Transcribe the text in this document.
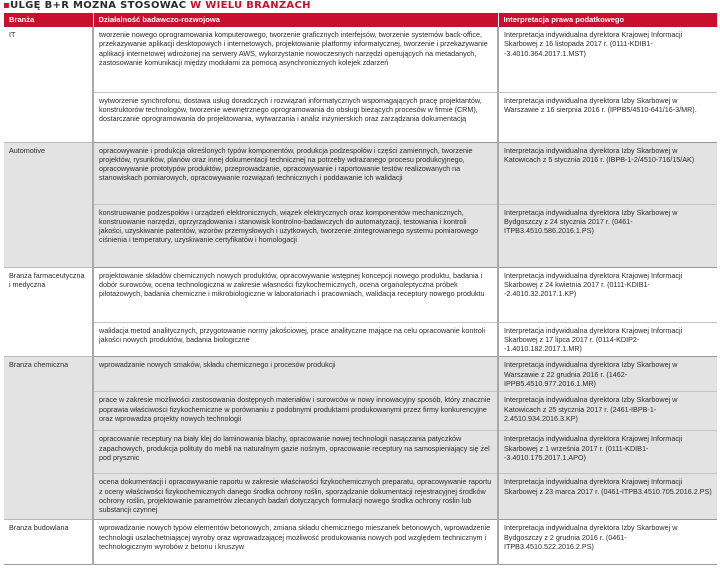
▪ULGĘ B+R MOŻNA STOSOWAĆ W WIELU BRANŻACH
Branża	Działalność badawczo-rozwojowa	Interpretacja prawa podatkowego
IT	tworzenie nowego oprogramowania komputerowego, tworzenie graficznych interfejsów, tworzenie systemów back-office, przekazywanie aplikacji desktopowych i internetowych, projektowanie platformy informatycznej, tworzenie i przekazywanie aplikacji internetowej wdrożonej na serwery AWS, wykorzystanie nowoczesnych narzędzi operujących na metadanych, zastosowanie komunikacji między modułami za pomocą asynchronicznych kolejek zdarzeń	Interpretacja indywidualna dyrektora Krajowej Informacji Skarbowej z 16 listopada 2017 r. (0111-KDIB1--3.4010.364.2017.1.MST)
	wytworzenie synchrofonu, dostawa usług doradczych i rozwiązań informatycznych wspomagających pracę projektantów, konstruktorów technologów, tworzenie wewnętrznego oprogramowania do obsługi bieżących procesów w firmie (CRM), dostarczanie oprogramowania do projektowania, wytwarzania i analiz inżynierskich oraz zarządzania dokumentacją	Interpretacja indywidualna dyrektora Izby Skarbowej w Warszawie z 16 sierpnia 2016 r. (IPPB5/4510-641/16-3/MR).
Automotive	opracowywanie i produkcja określonych typów komponentów, produkcja podzespołów i części zamiennych, tworzenie projektów, rysunków, planów oraz innej dokumentacji technicznej na potrzeby wdrażanego procesu produkcyjnego, opracowywanie prototypów produktów, przeprowadzanie, opracowywanie i raportowanie testów realizowanych na stanowiskach pomiarowych, opracowywanie rozwiązań technicznych i poddawanie ich walidacji	Interpretacja indywidualna dyrektora Izby Skarbowej w Katowicach z 5 stycznia 2016 r. (IBPB-1-2/4510-716/15/AK)
	konstruowanie podzespołów i urządzeń elektronicznych, wiązek elektrycznych oraz komponentów mechanicznych, konstruowanie narzędzi, oprzyrządowania i stanowisk kontrolno-badawczych do automatyzacji, testowania i kontroli jakości, uzyskiwanie patentów, wzorów przemysłowych i użytkowych, tworzenie zintegrowanego systemu pomiarowego ciśnienia i temperatury, uzyskiwanie certyfikatów i homologacji	Interpretacja indywidualna dyrektora Izby Skarbowej w Bydgoszczy z 24 stycznia 2017 r. (0461-ITPB3.4510.586.2016.1.PS)
Branża farmaceutyczna i medyczna	projektowanie składów chemicznych nowych produktów, opracowywanie wstępnej koncepcji nowego produktu, badania i dobór surowców, ocena technologiczna w zakresie własności fizykochemicznych, ocena organoleptyczna próbek pilotażowych, badania chemiczne i mikrobiologiczne w laboratoriach i pracowniach, walidacja receptury nowego produktu	Interpretacja indywidualna dyrektora Krajowej Informacji Skarbowej z 24 kwietnia 2017 r. (0111-KDIB1--2.4010.32.2017.1.KP)
	walidacja metod analitycznych, przygotowanie normy jakościowej, prace analityczne mające na celu opracowanie kontroli jakości nowych produktów, badania biologiczne	Interpretacja indywidualna dyrektora Krajowej Informacji Skarbowej z 17 lipca 2017 r. (0114-KDIP2--1.4010.182.2017.1.MR)
Branża chemiczna	wprowadzanie nowych smaków, składu chemicznego i procesów produkcji	Interpretacja indywidualna dyrektora Izby Skarbowej w Warszawie z 22 grudnia 2016 r. (1462-IPPB5.4510.977.2016.1.MR)
	prace w zakresie możliwości zastosowania dostępnych materiałów i surowców w nowy innowacyjny sposób, który znacznie poprawia właściwości fizykochemiczne w porównaniu z podobnymi produktami produkowanymi przez firmy konkurencyjne oraz wprowadza projekty nowych technologii	Interpretacja indywidualna dyrektora Izby Skarbowej w Katowicach z 25 stycznia 2017 r. (2461-IBPB-1-2.4510.934.2016.3.KP)
	opracowanie receptury na biały klej do laminowania blachy, opracowanie nowej technologii nasączania patyczków zapachowych, produkcja polituty do mebli na naturalnym gazie nośnym, opracowanie receptury na samospieniający się żel pod prysznic	Interpretacja indywidualna dyrektora Krajowej Informacji Skarbowej z 1 września 2017 r. (0111-KDIB1--3.4010.175.2017.1.APO)
	ocena dokumentacji i opracowywanie raportu w zakresie właściwości fizykochemicznych preparatu, opracowywanie raportu z oceny właściwości fizykochemicznych danego środka ochrony roślin, sporządzanie dokumentacji rejestracyjnej środków ochrony roślin, projektowanie parametrów zlecanych badań dotyczących formulacji nowego środka ochrony roślin lub substancji czynnej	Interpretacja indywidualna dyrektora Krajowej Informacji Skarbowej z 23 marca 2017 r. (0461-ITPB3.4510.705.2016.2.PS)
Branża budowlana	wprowadzanie nowych typów elementów betonowych, zmiana składu chemicznego mieszanek betonowych, wprowadzenie technologii uszlachetniającej wyroby oraz wprowadzającej możliwość produkowania nowych pod względem technicznym i technologicznym wyrobów z betonu i kruszyw	Interpretacja indywidualna dyrektora Izby Skarbowej w Bydgoszczy z 2 grudnia 2016 r. (0461-ITPB3.4510.522.2016.2.PS)
